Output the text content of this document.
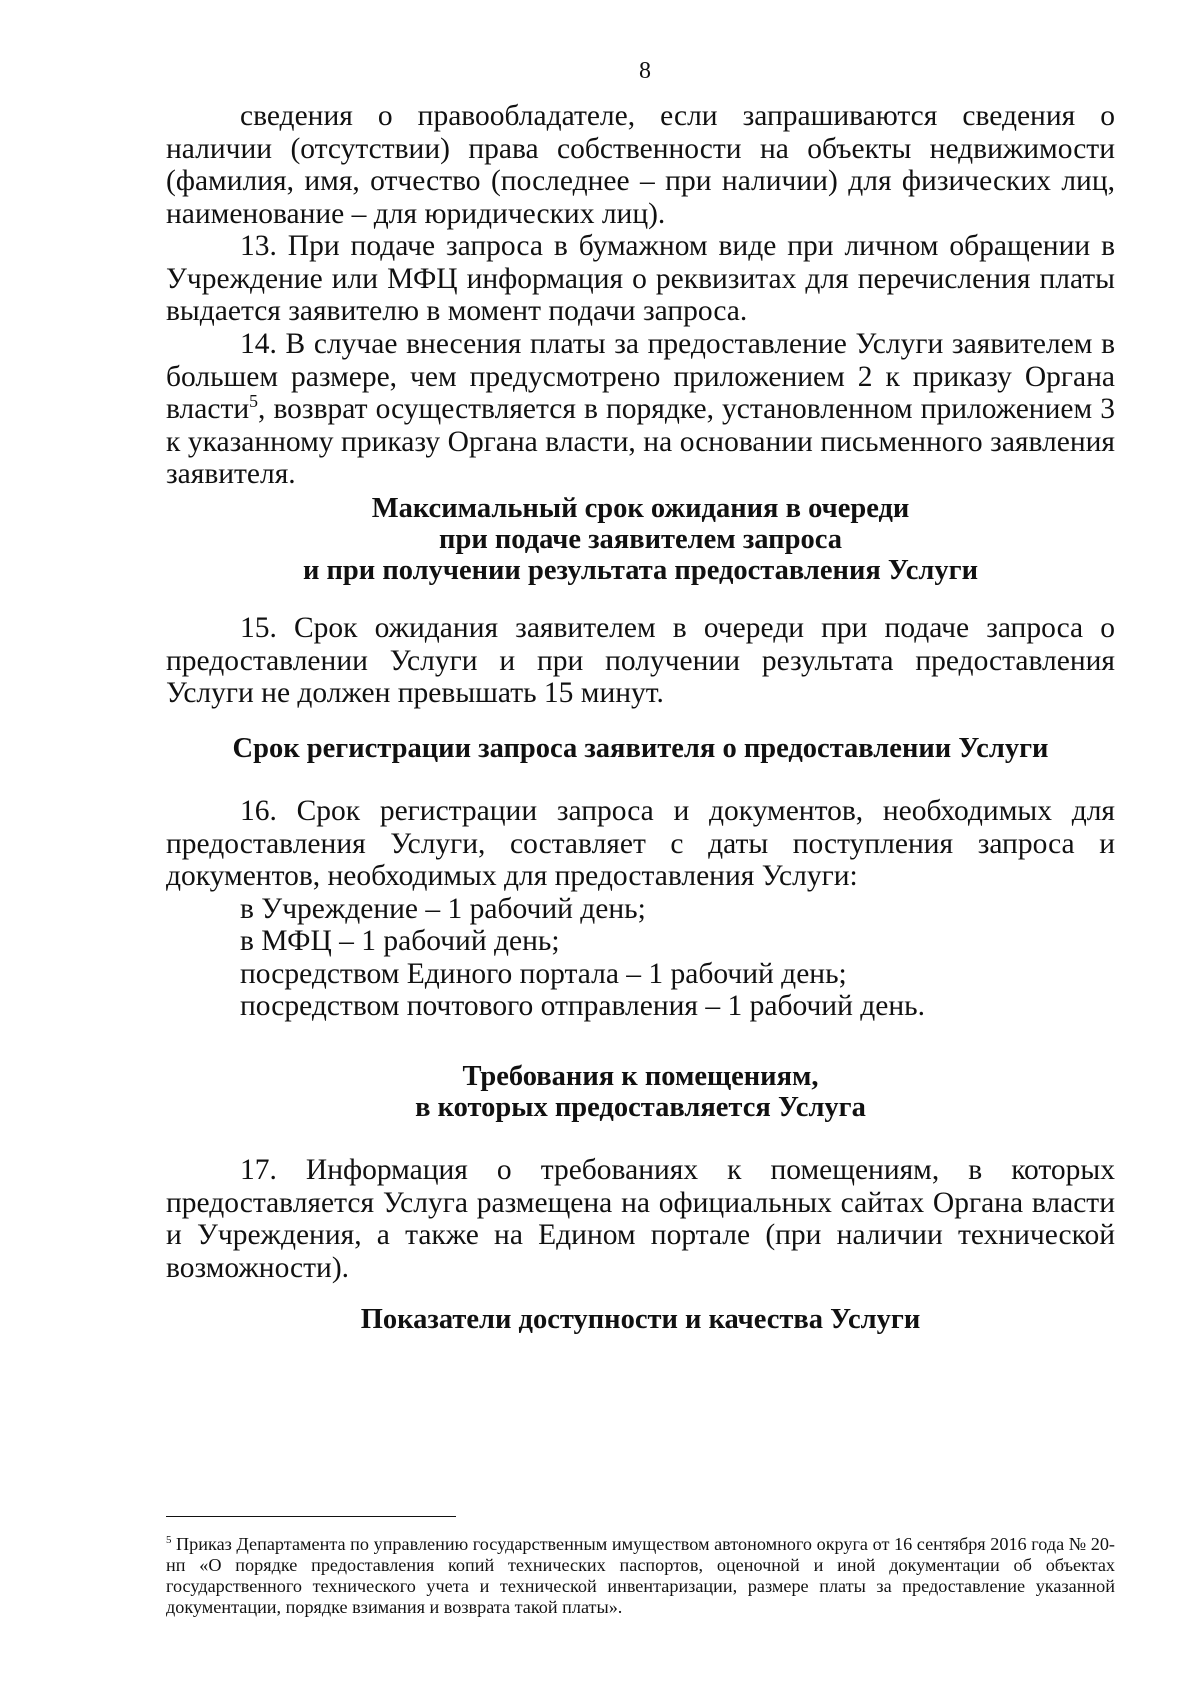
8

сведения о правообладателе, если запрашиваются сведения о наличии (отсутствии) права собственности на объекты недвижимости (фамилия, имя, отчество (последнее – при наличии) для физических лиц, наименование – для юридических лиц).

13. При подаче запроса в бумажном виде при личном обращении в Учреждение или МФЦ информация о реквизитах для перечисления платы выдается заявителю в момент подачи запроса.

14. В случае внесения платы за предоставление Услуги заявителем в большем размере, чем предусмотрено приложением 2 к приказу Органа власти$^5$, возврат осуществляется в порядке, установленном приложением 3 к указанному приказу Органа власти, на основании письменного заявления заявителя.

Максимальный срок ожидания в очереди
при подаче заявителем запроса
и при получении результата предоставления Услуги

15. Срок ожидания заявителем в очереди при подаче запроса о предоставлении Услуги и при получении результата предоставления Услуги не должен превышать 15 минут.

Срок регистрации запроса заявителя о предоставлении Услуги

16. Срок регистрации запроса и документов, необходимых для предоставления Услуги, составляет с даты поступления запроса и документов, необходимых для предоставления Услуги:

в Учреждение – 1 рабочий день;

в МФЦ – 1 рабочий день;

посредством Единого портала – 1 рабочий день;

посредством почтового отправления – 1 рабочий день.

Требования к помещениям,
в которых предоставляется Услуга

17. Информация о требованиях к помещениям, в которых предоставляется Услуга размещена на официальных сайтах Органа власти и Учреждения, а также на Едином портале (при наличии технической возможности).

Показатели доступности и качества Услуги
$^5$ Приказ Департамента по управлению государственным имуществом автономного округа от 16 сентября 2016 года № 20-нп «О порядке предоставления копий технических паспортов, оценочной и иной документации об объектах государственного технического учета и технической инвентаризации, размере платы за предоставление указанной документации, порядке взимания и возврата такой платы».
